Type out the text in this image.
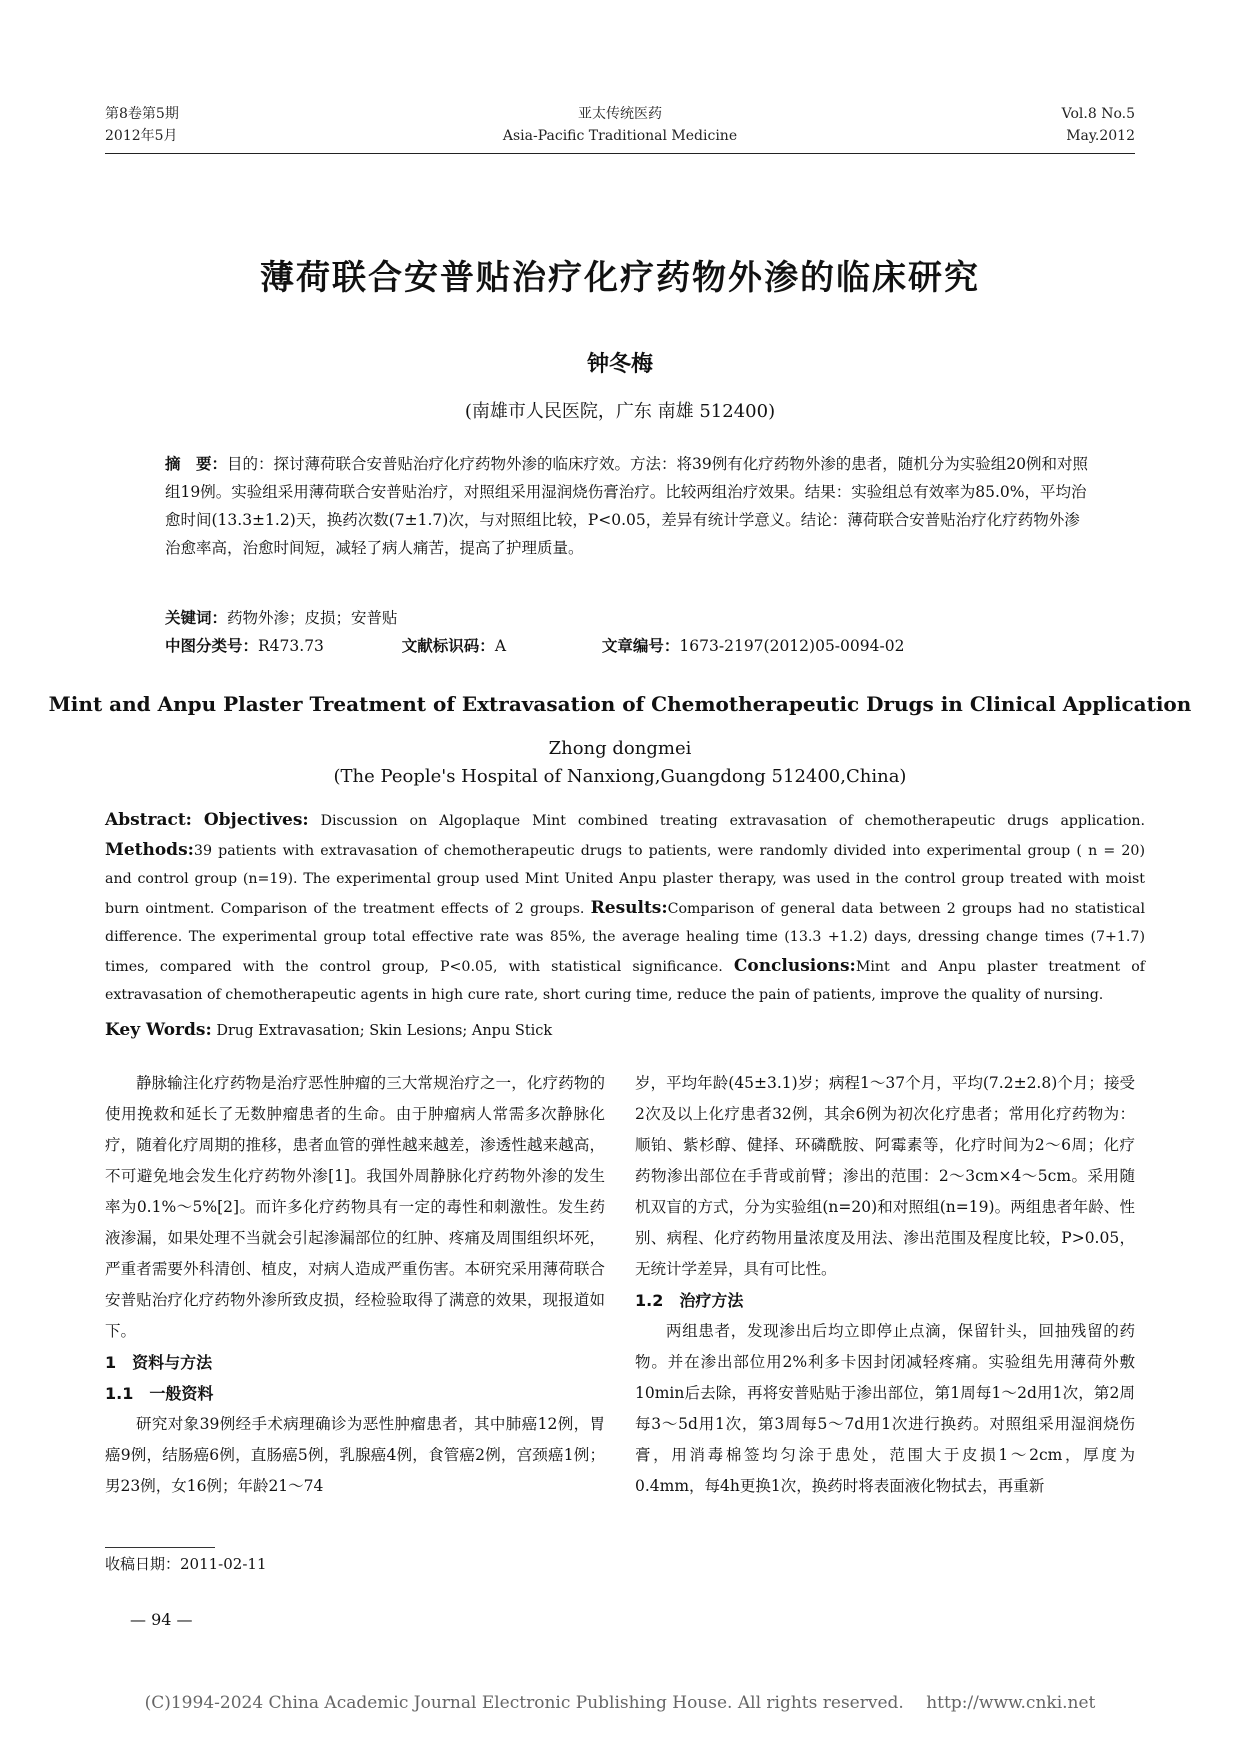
第8卷第5期
2012年5月
亚太传统医药
Asia-Pacific Traditional Medicine
Vol.8 No.5
May.2012
薄荷联合安普贴治疗化疗药物外渗的临床研究
钟冬梅
(南雄市人民医院，广东 南雄 512400)
摘　要：目的：探讨薄荷联合安普贴治疗化疗药物外渗的临床疗效。方法：将39例有化疗药物外渗的患者，随机分为实验组20例和对照组19例。实验组采用薄荷联合安普贴治疗，对照组采用湿润烧伤膏治疗。比较两组治疗效果。结果：实验组总有效率为85.0%，平均治愈时间(13.3±1.2)天，换药次数(7±1.7)次，与对照组比较，P<0.05，差异有统计学意义。结论：薄荷联合安普贴治疗化疗药物外渗治愈率高，治愈时间短，减轻了病人痛苦，提高了护理质量。
关键词：药物外渗；皮损；安普贴
中图分类号：R473.73	文献标识码：A	文章编号：1673-2197(2012)05-0094-02
Mint and Anpu Plaster Treatment of Extravasation of Chemotherapeutic Drugs in Clinical Application
Zhong dongmei
(The People's Hospital of Nanxiong,Guangdong 512400,China)
Abstract: Objectives: Discussion on Algoplaque Mint combined treating extravasation of chemotherapeutic drugs application. Methods:39 patients with extravasation of chemotherapeutic drugs to patients, were randomly divided into experimental group ( n = 20) and control group (n=19). The experimental group used Mint United Anpu plaster therapy, was used in the control group treated with moist burn ointment. Comparison of the treatment effects of 2 groups. Results:Comparison of general data between 2 groups had no statistical difference. The experimental group total effective rate was 85%, the average healing time (13.3 +1.2) days, dressing change times (7+1.7) times, compared with the control group, P<0.05, with statistical significance. Conclusions:Mint and Anpu plaster treatment of extravasation of chemotherapeutic agents in high cure rate, short curing time, reduce the pain of patients, improve the quality of nursing.
Key Words: Drug Extravasation; Skin Lesions; Anpu Stick

静脉输注化疗药物是治疗恶性肿瘤的三大常规治疗之一，化疗药物的使用挽救和延长了无数肿瘤患者的生命。由于肿瘤病人常需多次静脉化疗，随着化疗周期的推移，患者血管的弹性越来越差，渗透性越来越高，不可避免地会发生化疗药物外渗[1]。我国外周静脉化疗药物外渗的发生率为0.1%～5%[2]。而许多化疗药物具有一定的毒性和刺激性。发生药液渗漏，如果处理不当就会引起渗漏部位的红肿、疼痛及周围组织坏死，严重者需要外科清创、植皮，对病人造成严重伤害。本研究采用薄荷联合安普贴治疗化疗药物外渗所致皮损，经检验取得了满意的效果，现报道如下。

1　资料与方法

1.1　一般资料

研究对象39例经手术病理确诊为恶性肿瘤患者，其中肺癌12例，胃癌9例，结肠癌6例，直肠癌5例，乳腺癌4例，食管癌2例，宫颈癌1例；男23例，女16例；年龄21～74

岁，平均年龄(45±3.1)岁；病程1～37个月，平均(7.2±2.8)个月；接受2次及以上化疗患者32例，其余6例为初次化疗患者；常用化疗药物为：顺铂、紫杉醇、健择、环磷酰胺、阿霉素等，化疗时间为2～6周；化疗药物渗出部位在手背或前臂；渗出的范围：2～3cm×4～5cm。采用随机双盲的方式，分为实验组(n=20)和对照组(n=19)。两组患者年龄、性别、病程、化疗药物用量浓度及用法、渗出范围及程度比较，P>0.05，无统计学差异，具有可比性。

1.2　治疗方法

两组患者，发现渗出后均立即停止点滴，保留针头，回抽残留的药物。并在渗出部位用2%利多卡因封闭减轻疼痛。实验组先用薄荷外敷10min后去除，再将安普贴贴于渗出部位，第1周每1～2d用1次，第2周每3～5d用1次，第3周每5～7d用1次进行换药。对照组采用湿润烧伤膏，用消毒棉签均匀涂于患处，范围大于皮损1～2cm，厚度为0.4mm，每4h更换1次，换药时将表面液化物拭去，再重新

收稿日期：2011-02-11
— 94 —
(C)1994-2024 China Academic Journal Electronic Publishing House. All rights reserved.　 http://www.cnki.net
